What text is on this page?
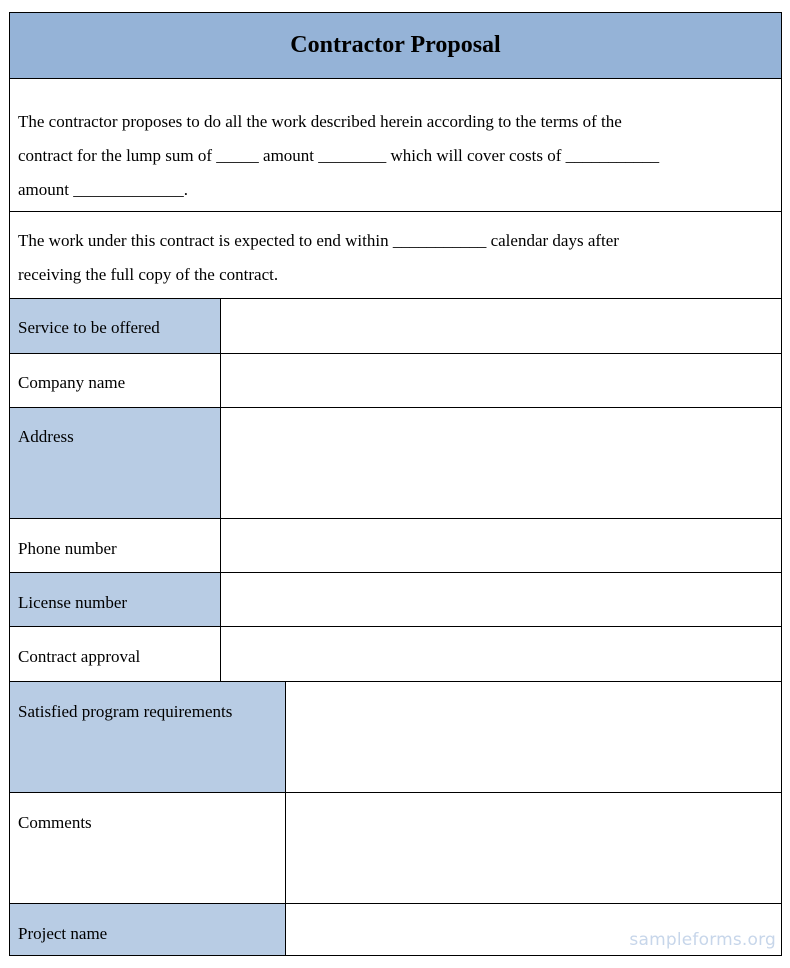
Contractor Proposal
The contractor proposes to do all the work described herein according to the terms of the
contract for the lump sum of _____ amount ________ which will cover costs of ___________
amount _____________.
The work under this contract is expected to end within ___________ calendar days after
receiving the full copy of the contract.
Service to be offered
Company name
Address
Phone number
License number
Contract approval
Satisfied program requirements
Comments
Project name	sampleforms.org
